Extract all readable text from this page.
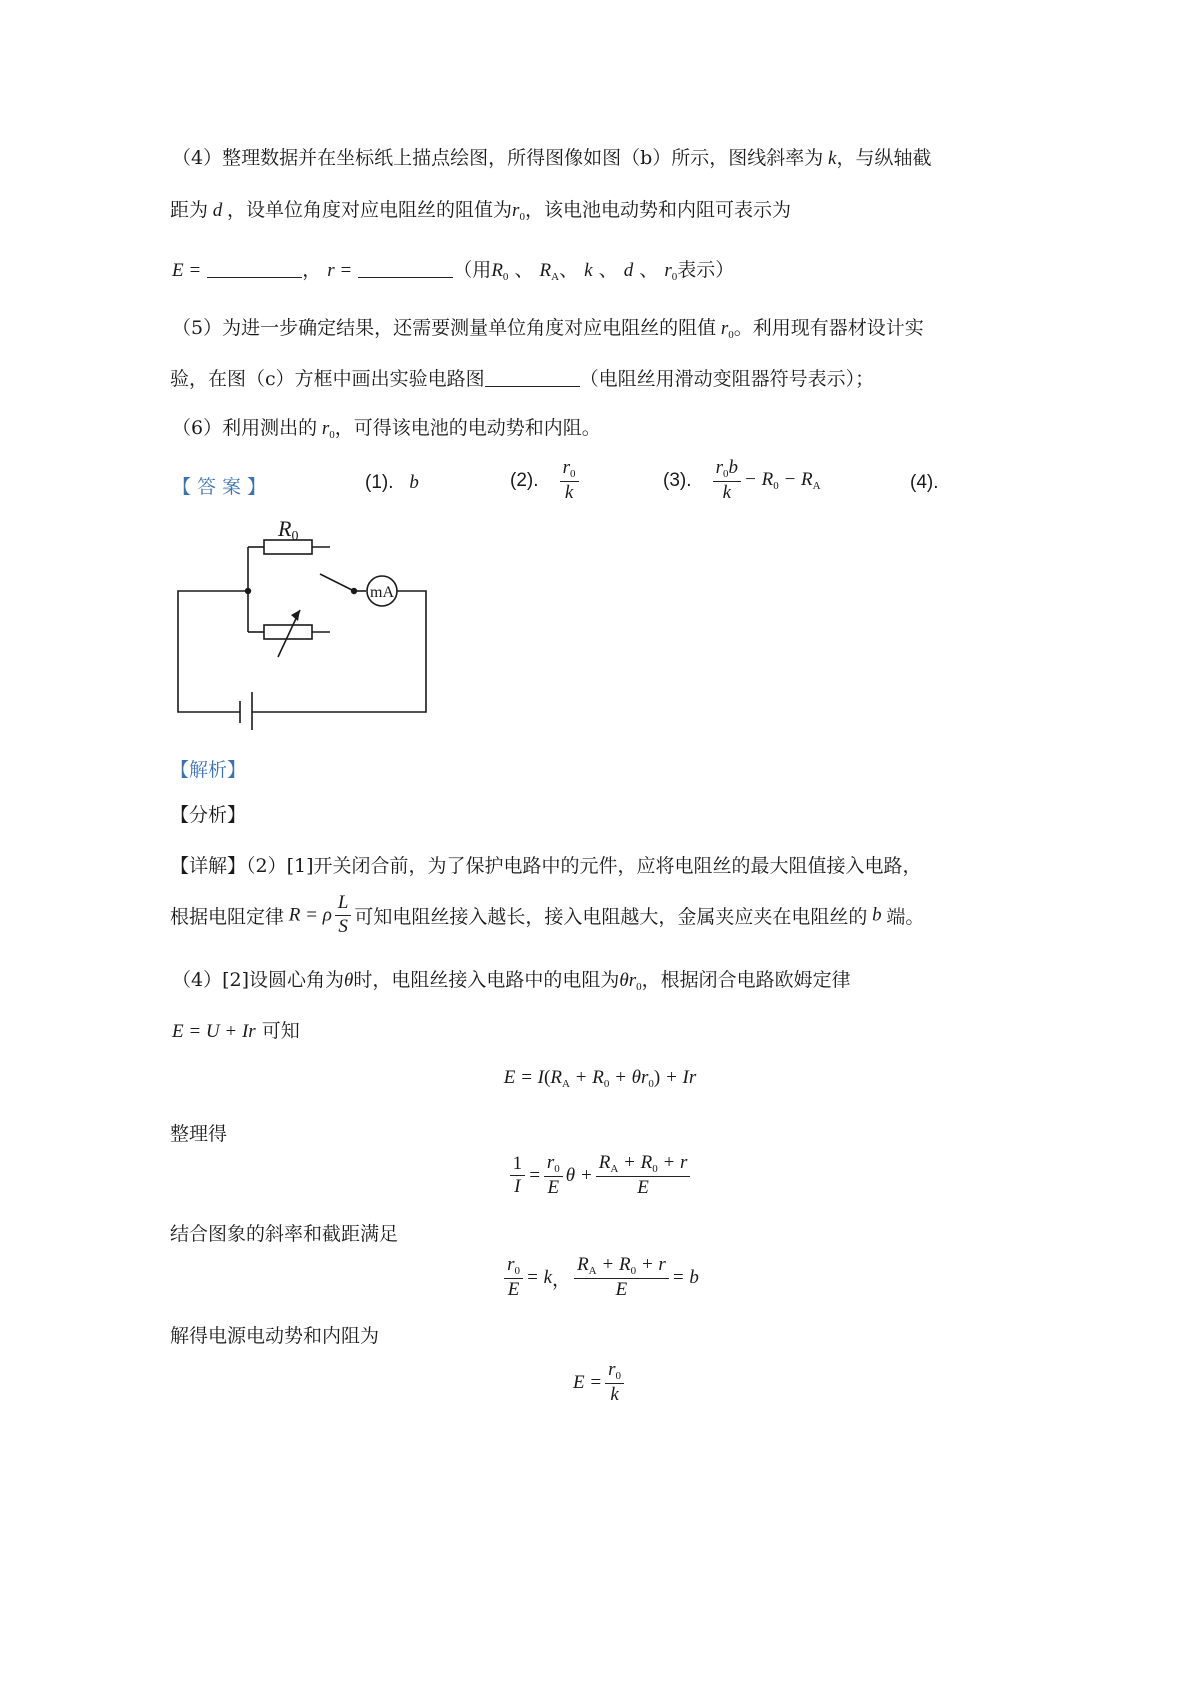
（4）整理数据并在坐标纸上描点绘图，所得图像如图（b）所示，图线斜率为 k，与纵轴截
距为 d ，设单位角度对应电阻丝的阻值为$r_0$，该电池电动势和内阻可表示为
E =	， r =	（用$R_0$ 、 $R_A$、 k 、 d 、 $r_0$表示）
（5）为进一步确定结果，还需要测量单位角度对应电阻丝的阻值 $r_0$。利用现有器材设计实
验，在图（c）方框中画出实验电路图	（电阻丝用滑动变阻器符号表示）；
（6）利用测出的 $r_0$，可得该电池的电动势和内阻。
【答案】	(1). b	(2). $\frac{r_0}{k}$	(3). $\frac{r_0b}{k} - R_0 - R_A$	(4).
R0
mA
【解析】
【分析】
【详解】（2）[1]开关闭合前，为了保护电路中的元件，应将电阻丝的最大阻值接入电路，
根据电阻定律 R = ρ $\frac{L}{S}$ 可知电阻丝接入越长，接入电阻越大，金属夹应夹在电阻丝的 b 端。
（4）[2]设圆心角为θ时，电阻丝接入电路中的电阻为$\theta r_0$，根据闭合电路欧姆定律
E = U + Ir 可知
$E = I(R_A + R_0 + \theta r_0) + Ir$
整理得
$\frac{1}{I} = \frac{r_0}{E}$ $\theta + \frac{R_A + R_0 + r}{E}$
结合图象的斜率和截距满足
$\frac{r_0}{E} = k$， $\frac{R_A + R_0 + r}{E} = b$
解得电源电动势和内阻为
$E = \frac{r_0}{k}$
